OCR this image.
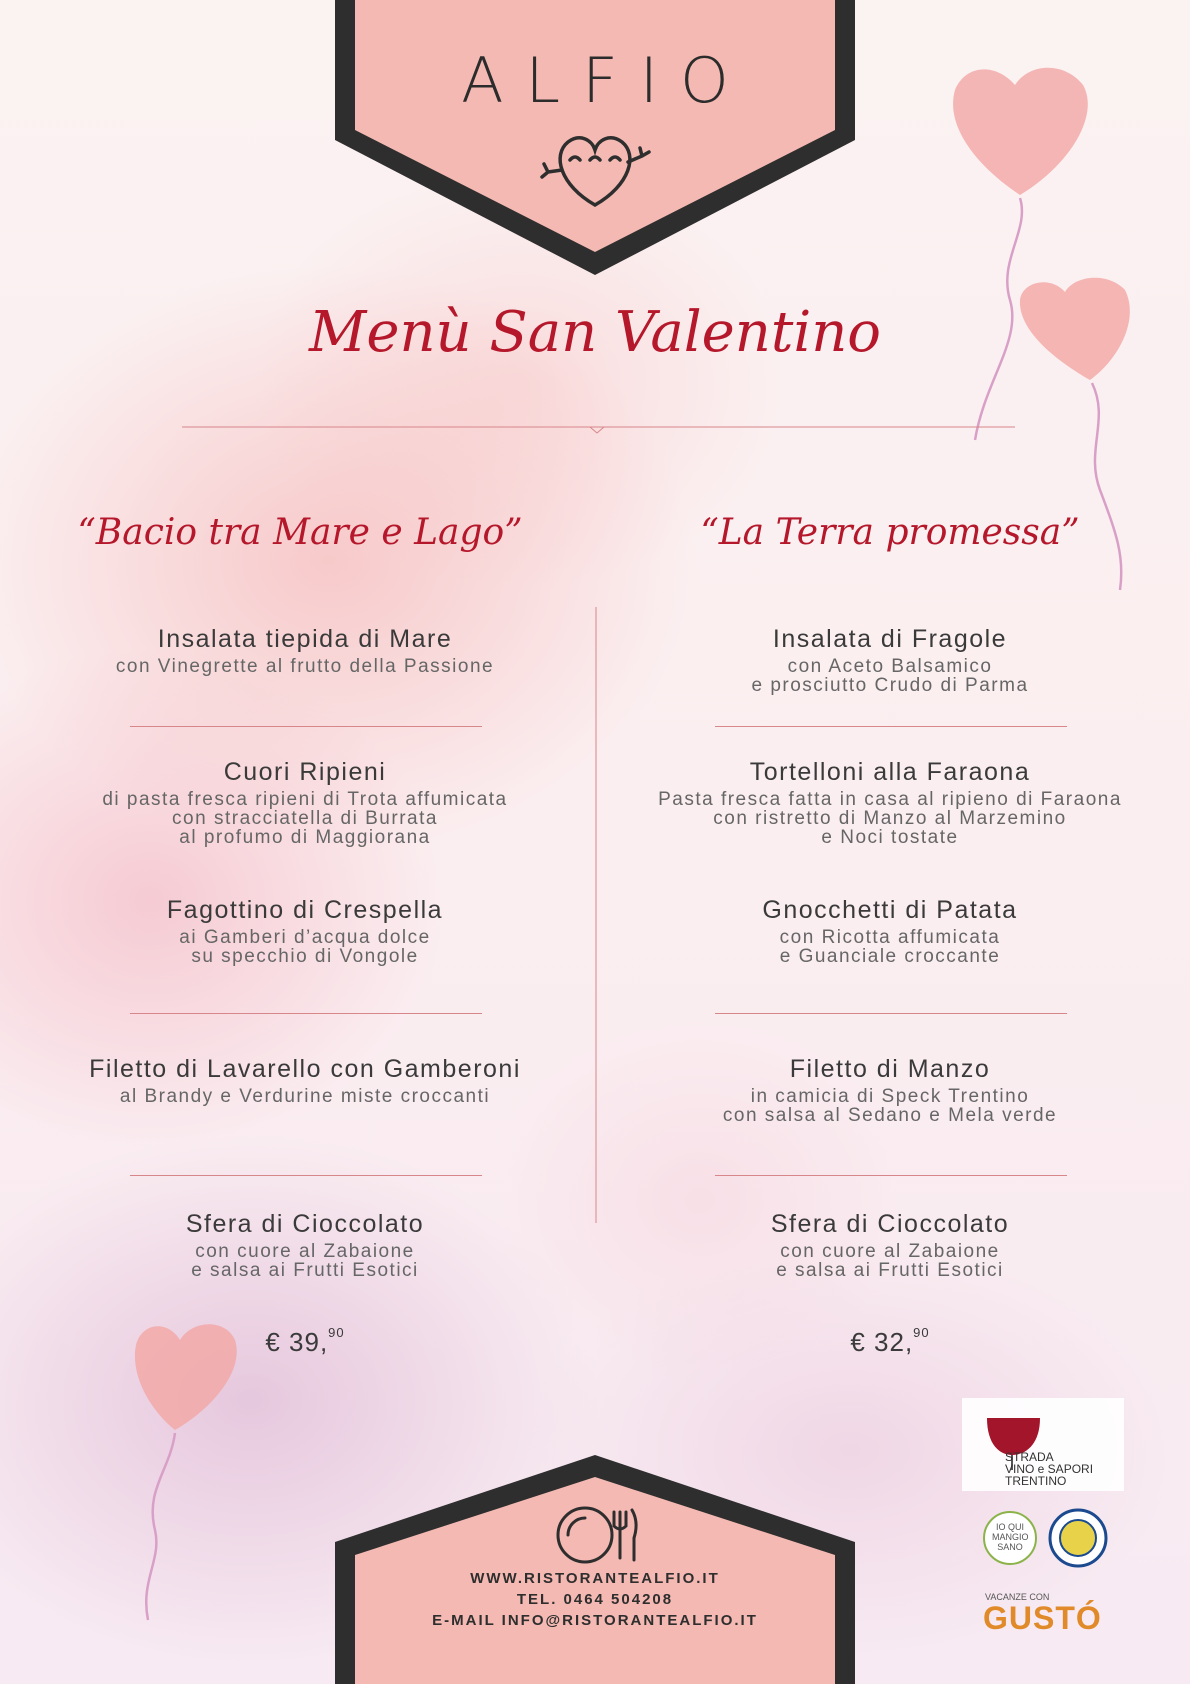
ALFIO
Menù San Valentino
“Bacio tra Mare e Lago”
Insalata tiepida di Mare
con Vinegrette al frutto della Passione
Cuori Ripieni
di pasta fresca ripieni di Trota affumicata
con stracciatella di Burrata
al profumo di Maggiorana
Fagottino di Crespella
ai Gamberi d’acqua dolce
su specchio di Vongole
Filetto di Lavarello con Gamberoni
al Brandy e Verdurine miste croccanti
Sfera di Cioccolato
con cuore al Zabaione
e salsa ai Frutti Esotici
€ 39,90
“La Terra promessa”
Insalata di Fragole
con Aceto Balsamico
e prosciutto Crudo di Parma
Tortelloni alla Faraona
Pasta fresca fatta in casa al ripieno di Faraona
con ristretto di Manzo al Marzemino
e Noci tostate
Gnocchetti di Patata
con Ricotta affumicata
e Guanciale croccante
Filetto di Manzo
in camicia di Speck Trentino
con salsa al Sedano e Mela verde
Sfera di Cioccolato
con cuore al Zabaione
e salsa ai Frutti Esotici
€ 32,90
WWW.RISTORANTEALFIO.IT
TEL. 0464 504208
E-MAIL INFO@RISTORANTEALFIO.IT
STRADA
VINO e SAPORI
TRENTINO
IO QUI
MANGIO
SANO
VACANZE CON
GUSTÓ
